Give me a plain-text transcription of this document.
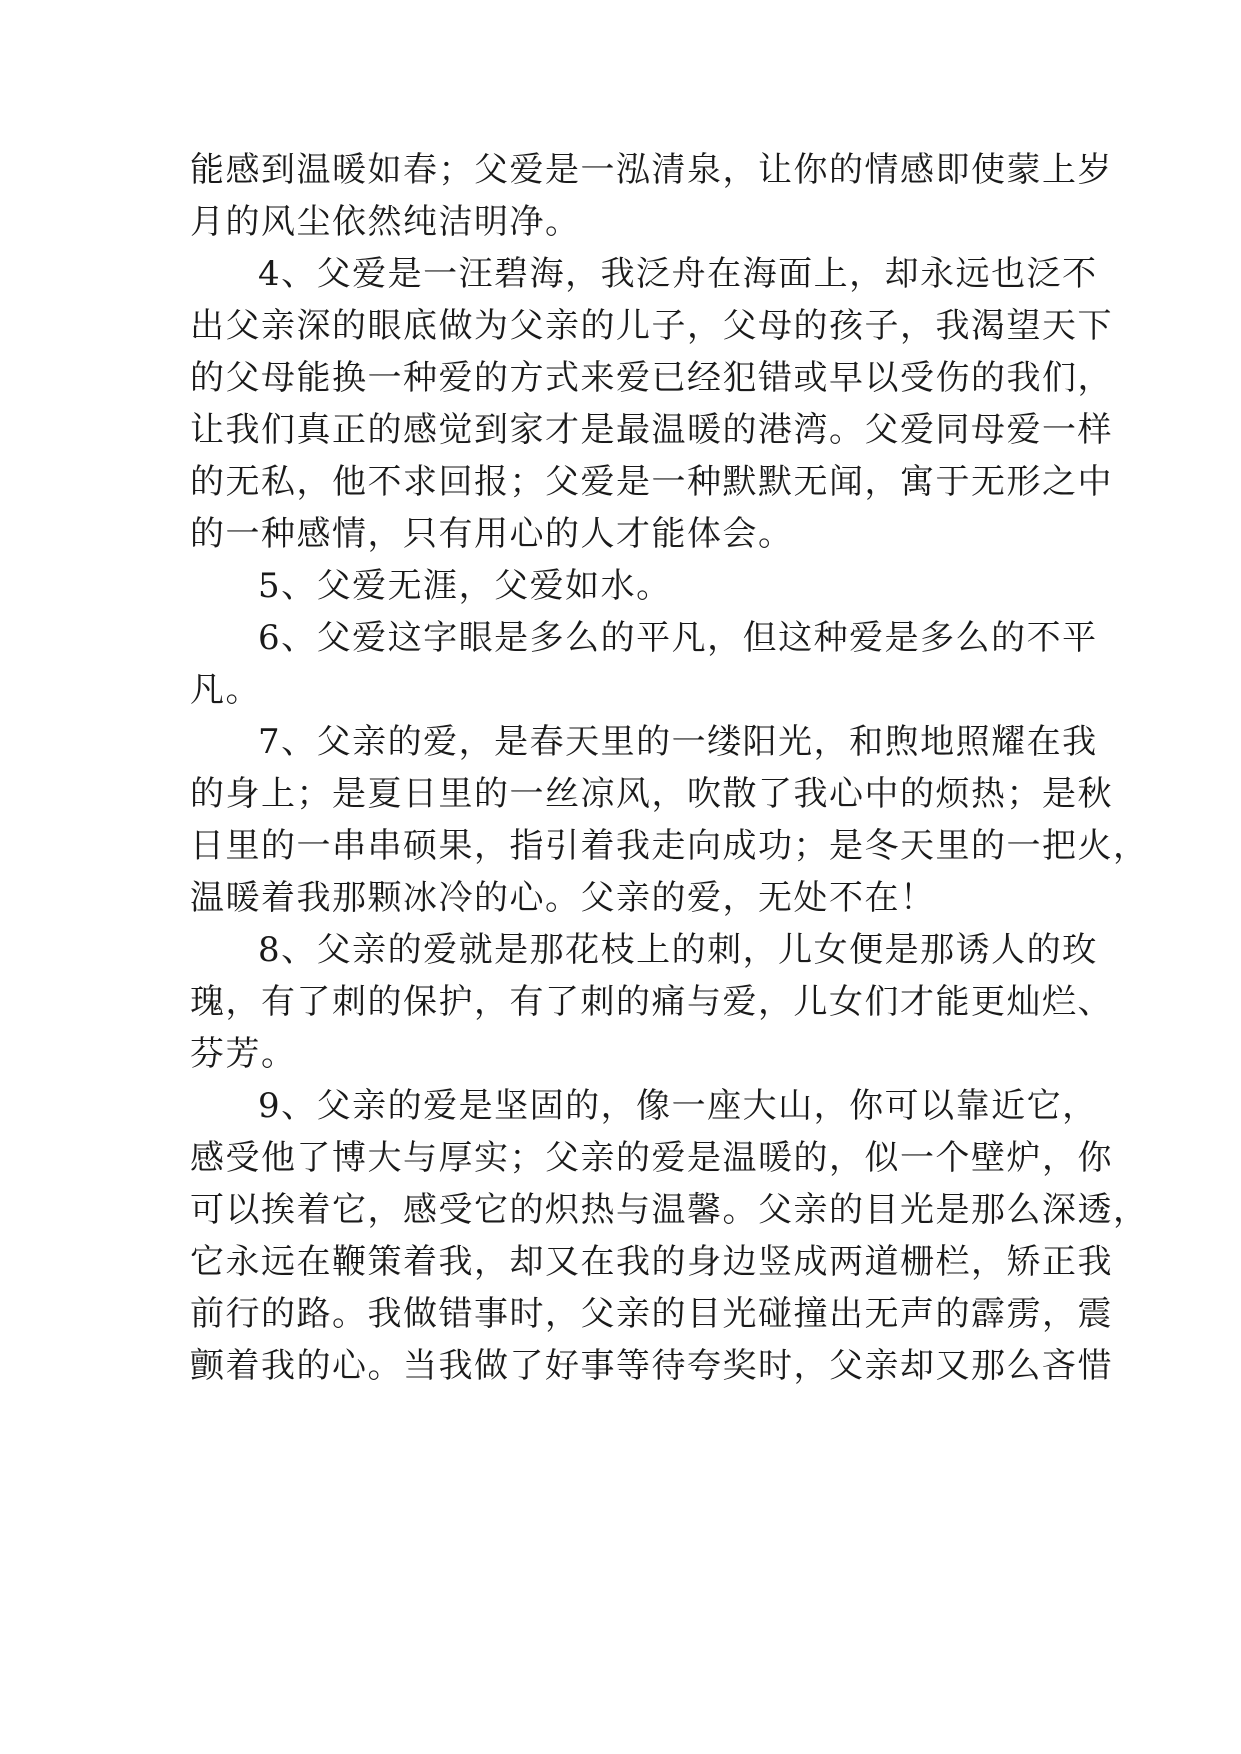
能感到温暖如春；父爱是一泓清泉，让你的情感即使蒙上岁
月的风尘依然纯洁明净。
4、父爱是一汪碧海，我泛舟在海面上，却永远也泛不
出父亲深的眼底做为父亲的儿子，父母的孩子，我渴望天下
的父母能换一种爱的方式来爱已经犯错或早以受伤的我们，
让我们真正的感觉到家才是最温暖的港湾。父爱同母爱一样
的无私，他不求回报；父爱是一种默默无闻，寓于无形之中
的一种感情，只有用心的人才能体会。
5、父爱无涯，父爱如水。
6、父爱这字眼是多么的平凡，但这种爱是多么的不平
凡。
7、父亲的爱，是春天里的一缕阳光，和煦地照耀在我
的身上；是夏日里的一丝凉风，吹散了我心中的烦热；是秋
日里的一串串硕果，指引着我走向成功；是冬天里的一把火，
温暖着我那颗冰冷的心。父亲的爱，无处不在！
8、父亲的爱就是那花枝上的刺，儿女便是那诱人的玫
瑰，有了刺的保护，有了刺的痛与爱，儿女们才能更灿烂、
芬芳。
9、父亲的爱是坚固的，像一座大山，你可以靠近它，
感受他了博大与厚实；父亲的爱是温暖的，似一个壁炉，你
可以挨着它，感受它的炽热与温馨。父亲的目光是那么深透，
它永远在鞭策着我，却又在我的身边竖成两道栅栏，矫正我
前行的路。我做错事时，父亲的目光碰撞出无声的霹雳，震
颤着我的心。当我做了好事等待夸奖时，父亲却又那么吝惜
